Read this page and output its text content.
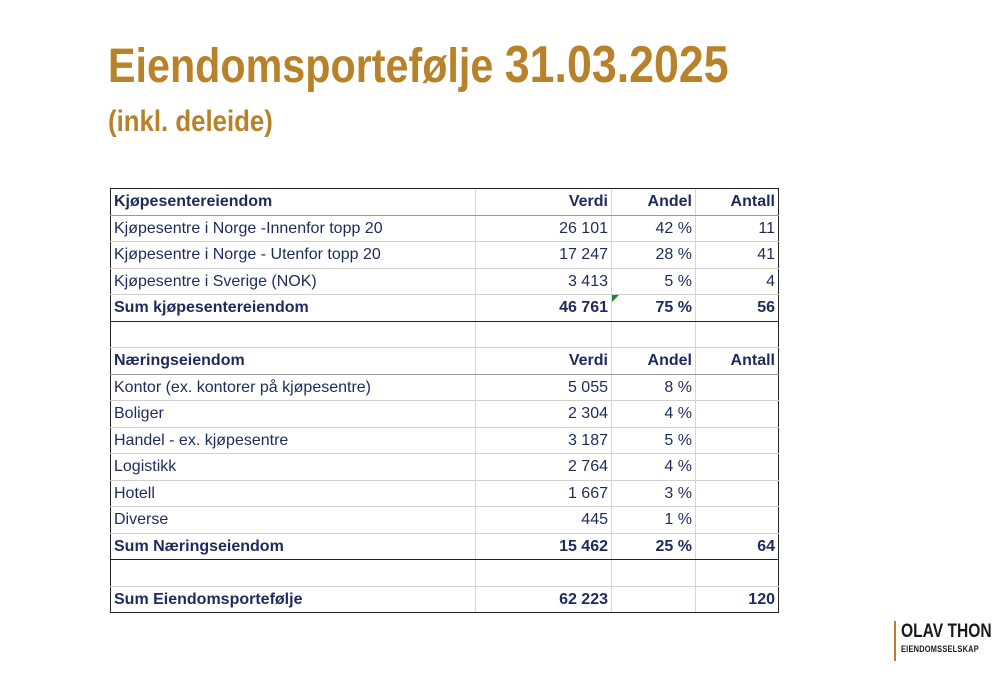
Eiendomsportefølje 31.03.2025
(inkl. deleide)
Kjøpesentereiendom	Verdi	Andel	Antall
Kjøpesentre i Norge -Innenfor topp 20	26 101	42 %	11
Kjøpesentre i Norge - Utenfor topp 20	17 247	28 %	41
Kjøpesentre i Sverige (NOK)	3 413	5 %	4
Sum kjøpesentereiendom	46 761	75 %	56

Næringseiendom	Verdi	Andel	Antall
Kontor (ex. kontorer på kjøpesentre)	5 055	8 %	
Boliger	2 304	4 %	
Handel - ex. kjøpesentre	3 187	5 %	
Logistikk	2 764	4 %	
Hotell	1 667	3 %	
Diverse	445	1 %	
Sum Næringseiendom	15 462	25 %	64

Sum Eiendomsportefølje	62 223		120
OLAV THON
EIENDOMSSELSKAP
